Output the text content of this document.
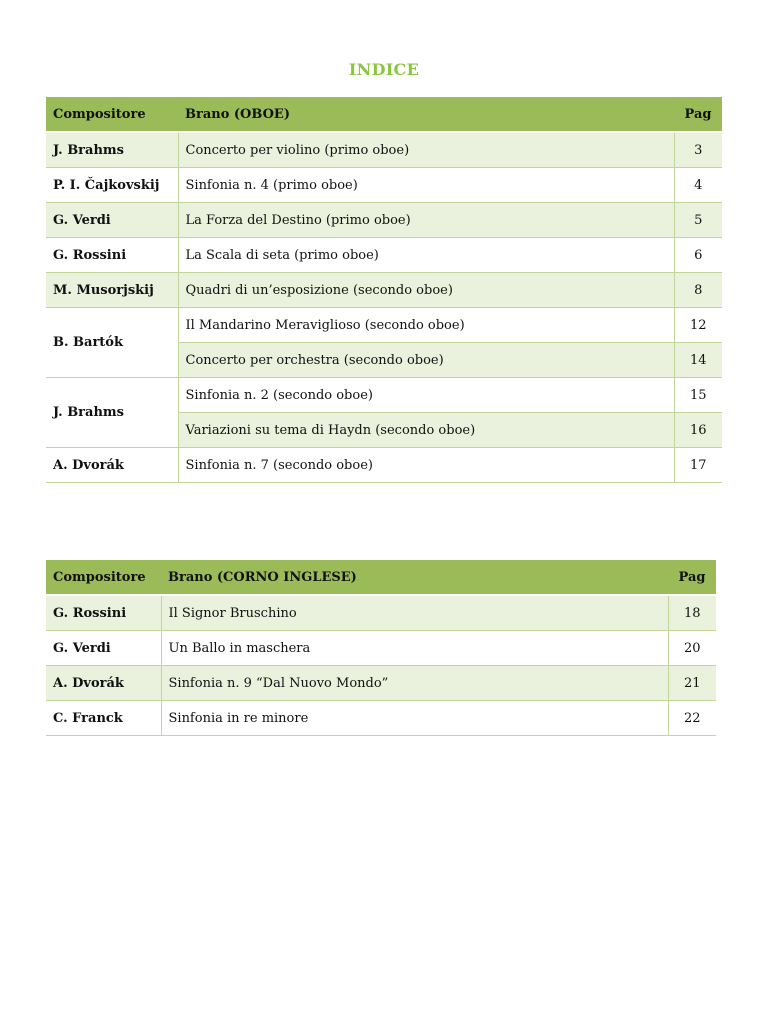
INDICE
Compositore	Brano (OBOE)	Pag
J. Brahms	Concerto per violino (primo oboe)	3
P. I. Čajkovskij	Sinfonia n. 4 (primo oboe)	4
G. Verdi	La Forza del Destino (primo oboe)	5
G. Rossini	La Scala di seta (primo oboe)	6
M. Musorjskij	Quadri di un’esposizione (secondo oboe)	8
B. Bartók	Il Mandarino Meraviglioso (secondo oboe)	12
	Concerto per orchestra (secondo oboe)	14
J. Brahms	Sinfonia n. 2 (secondo oboe)	15
	Variazioni su tema di Haydn (secondo oboe)	16
A. Dvorák	Sinfonia n. 7 (secondo oboe)	17
Compositore	Brano (CORNO INGLESE)	Pag
G. Rossini	Il Signor Bruschino	18
G. Verdi	Un Ballo in maschera	20
A. Dvorák	Sinfonia n. 9 “Dal Nuovo Mondo”	21
C. Franck	Sinfonia in re minore	22
